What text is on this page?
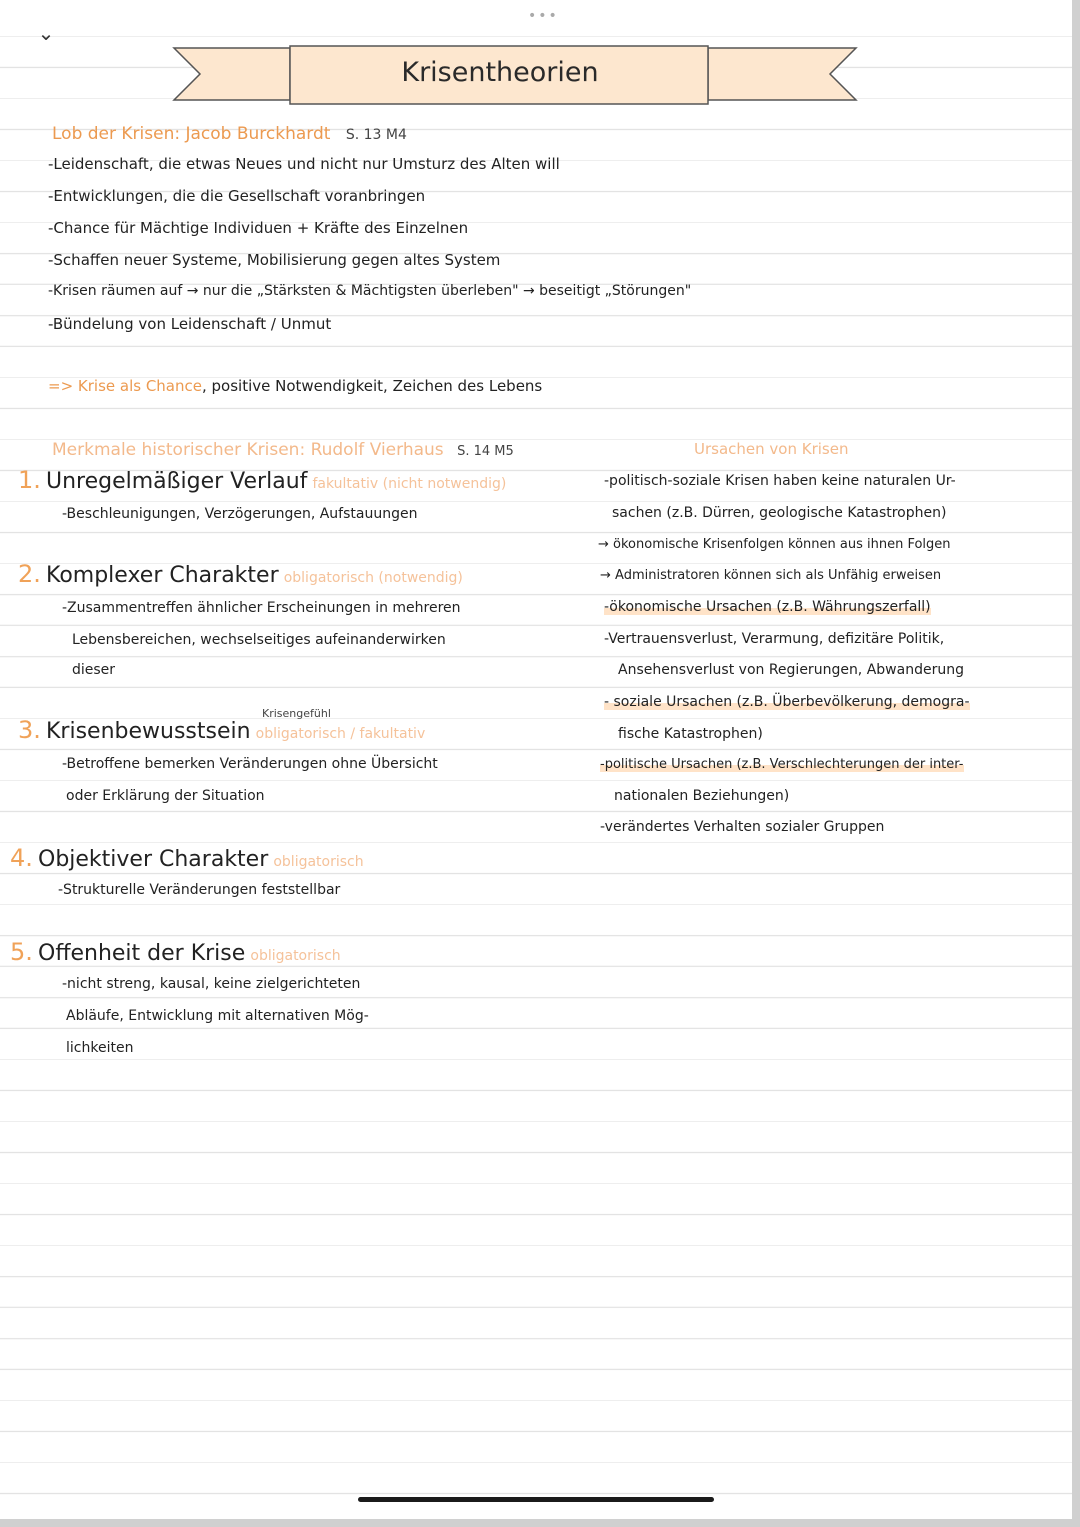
⌄
•••
Krisentheorien
Lob der Krisen: Jacob Burckhardt S. 13 M4
-Leidenschaft, die etwas Neues und nicht nur Umsturz des Alten will
-Entwicklungen, die die Gesellschaft voranbringen
-Chance für Mächtige Individuen + Kräfte des Einzelnen
-Schaffen neuer Systeme, Mobilisierung gegen altes System
-Krisen räumen auf → nur die „Stärksten & Mächtigsten überleben" → beseitigt „Störungen"
-Bündelung von Leidenschaft / Unmut
=> Krise als Chance, positive Notwendigkeit, Zeichen des Lebens
Merkmale historischer Krisen: Rudolf Vierhaus S. 14 M5
1. Unregelmäßiger Verlauf fakultativ (nicht notwendig)
-Beschleunigungen, Verzögerungen, Aufstauungen
2. Komplexer Charakter obligatorisch (notwendig)
-Zusammentreffen ähnlicher Erscheinungen in mehreren
Lebensbereichen, wechselseitiges aufeinanderwirken
dieser
Krisengefühl
3. Krisenbewusstsein obligatorisch / fakultativ
-Betroffene bemerken Veränderungen ohne Übersicht
oder Erklärung der Situation
4. Objektiver Charakter obligatorisch
-Strukturelle Veränderungen feststellbar
5. Offenheit der Krise obligatorisch
-nicht streng, kausal, keine zielgerichteten
Abläufe, Entwicklung mit alternativen Mög-
lichkeiten
Ursachen von Krisen
-politisch-soziale Krisen haben keine naturalen Ur-
sachen (z.B. Dürren, geologische Katastrophen)
→ ökonomische Krisenfolgen können aus ihnen Folgen
→ Administratoren können sich als Unfähig erweisen
-ökonomische Ursachen (z.B. Währungszerfall)
-Vertrauensverlust, Verarmung, defizitäre Politik,
Ansehensverlust von Regierungen, Abwanderung
- soziale Ursachen (z.B. Überbevölkerung, demogra-
fische Katastrophen)
-politische Ursachen (z.B. Verschlechterungen der inter-
nationalen Beziehungen)
-verändertes Verhalten sozialer Gruppen
